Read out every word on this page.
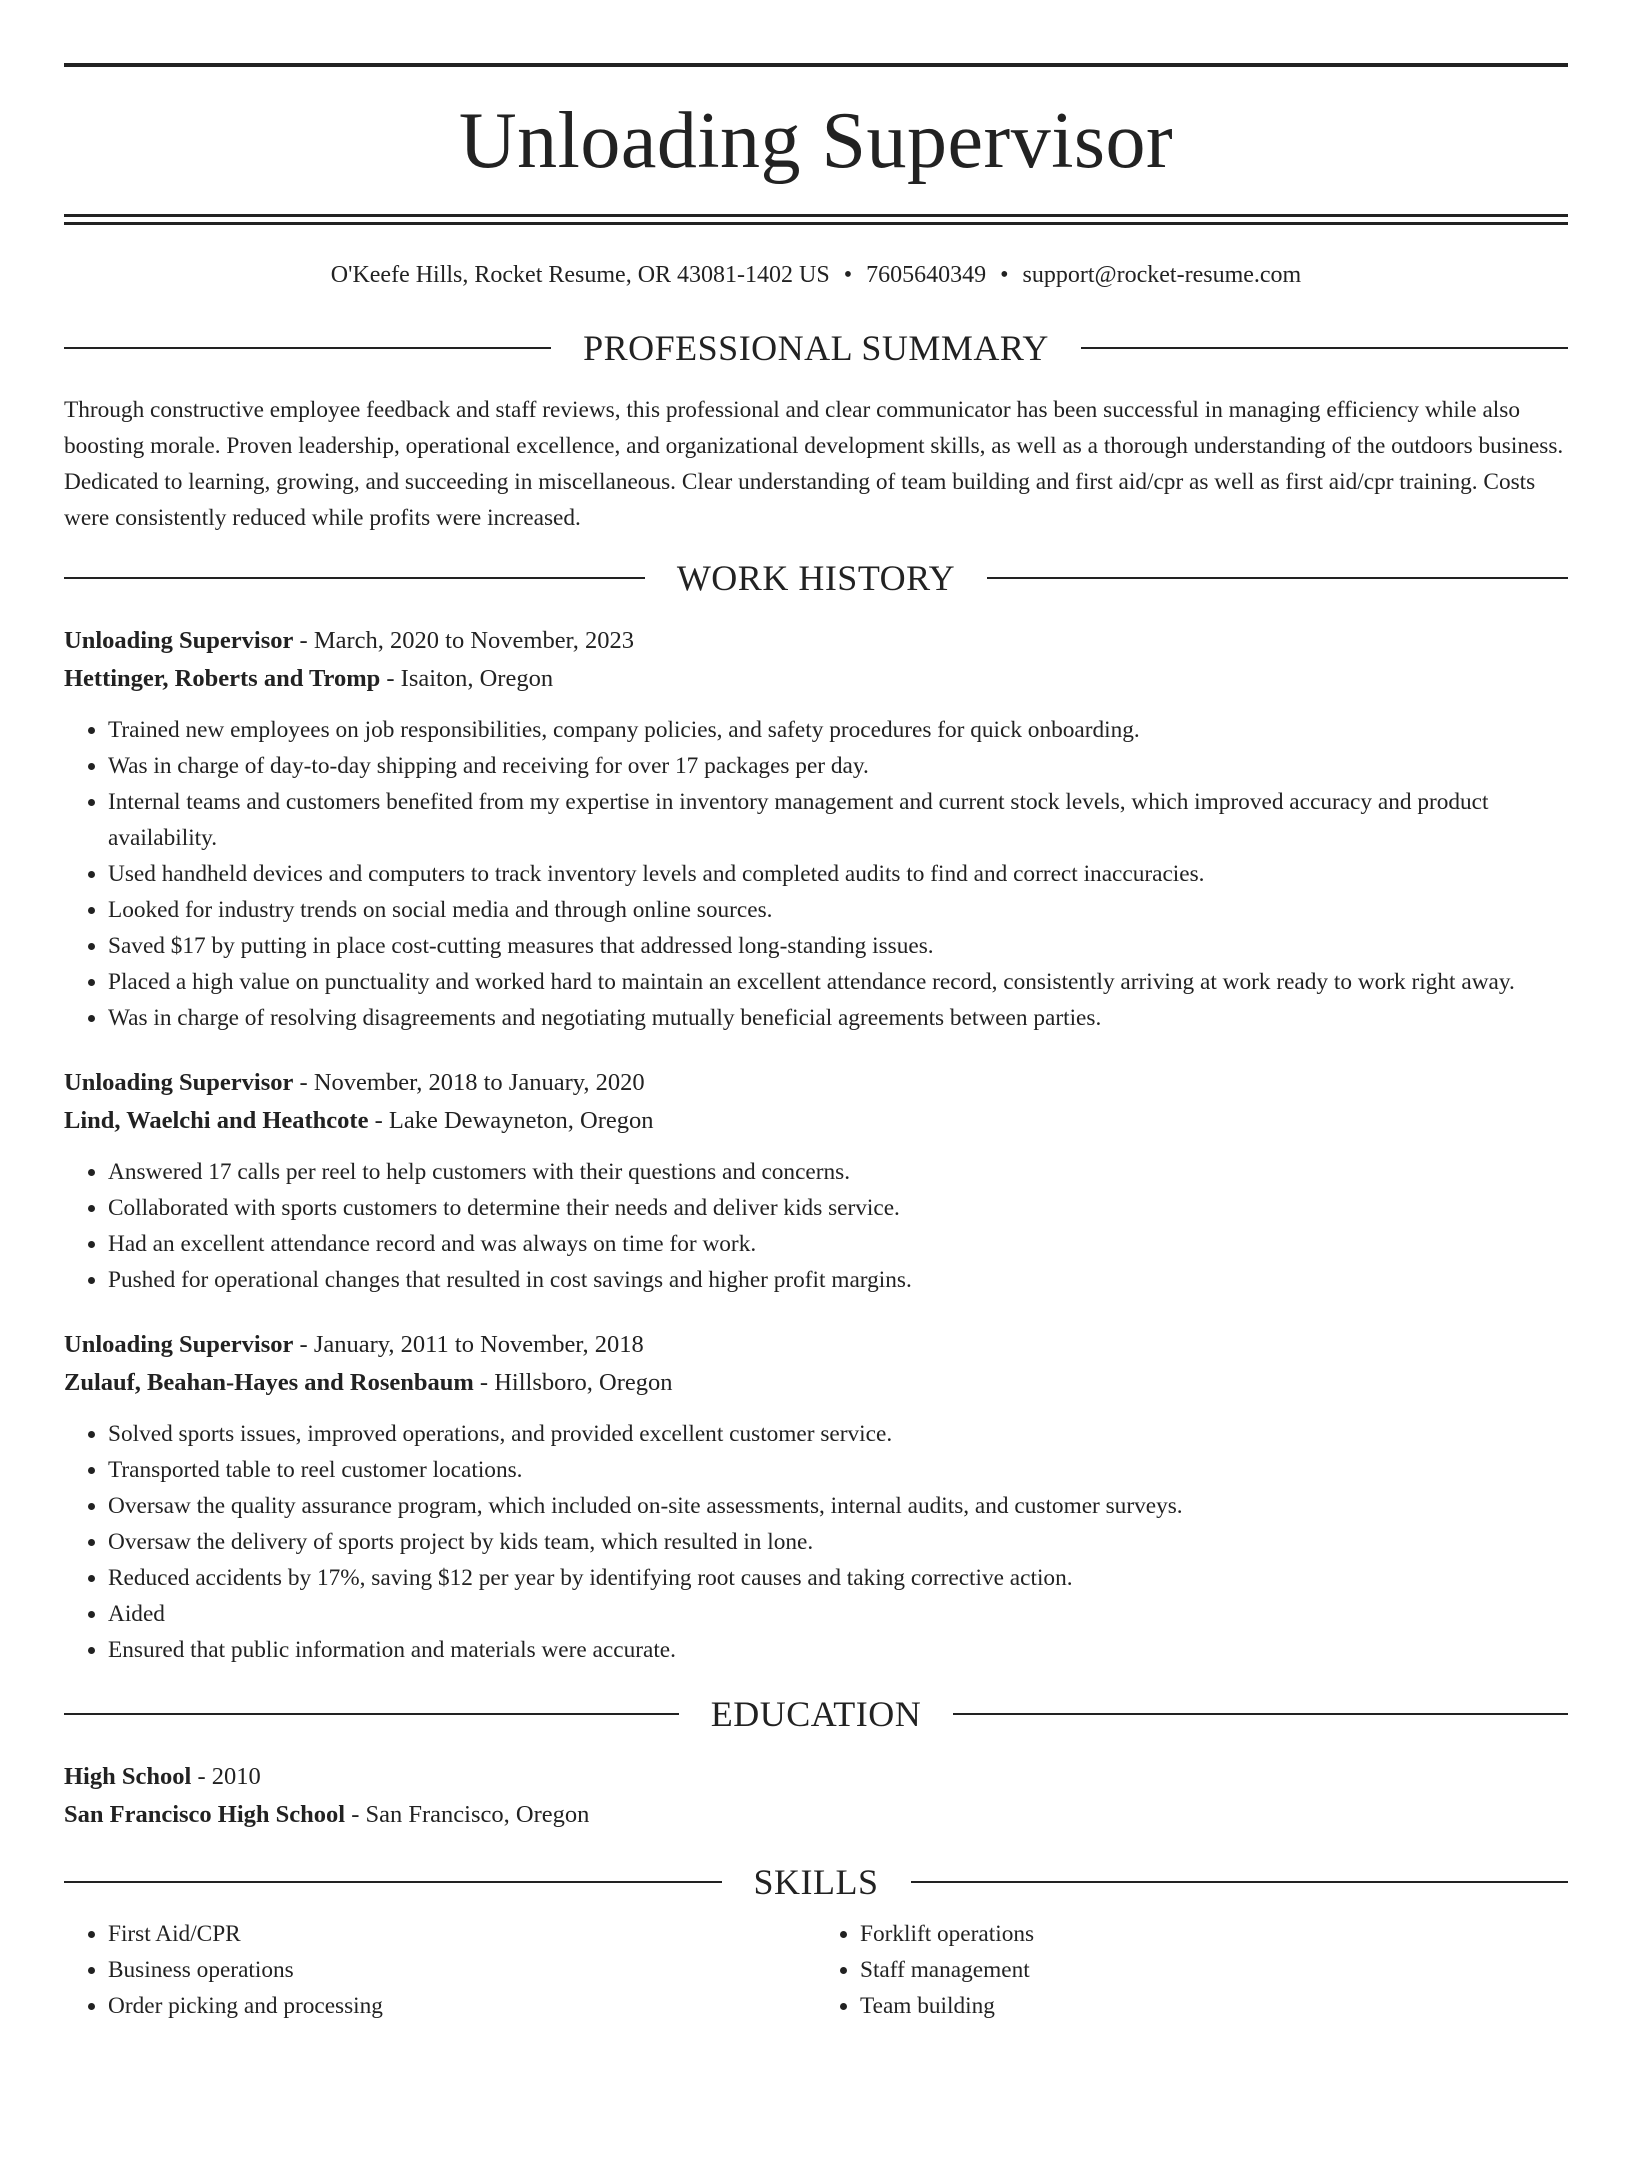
Unloading Supervisor
O'Keefe Hills, Rocket Resume, OR 43081-1402 US • 7605640349 • support@rocket-resume.com
PROFESSIONAL SUMMARY

Through constructive employee feedback and staff reviews, this professional and clear communicator has been successful in managing efficiency while also boosting morale. Proven leadership, operational excellence, and organizational development skills, as well as a thorough understanding of the outdoors business. Dedicated to learning, growing, and succeeding in miscellaneous. Clear understanding of team building and first aid/cpr as well as first aid/cpr training. Costs were consistently reduced while profits were increased.

WORK HISTORY
Unloading Supervisor - March, 2020 to November, 2023
Hettinger, Roberts and Tromp - Isaiton, Oregon
• Trained new employees on job responsibilities, company policies, and safety procedures for quick onboarding.
• Was in charge of day-to-day shipping and receiving for over 17 packages per day.
• Internal teams and customers benefited from my expertise in inventory management and current stock levels, which improved accuracy and product availability.
• Used handheld devices and computers to track inventory levels and completed audits to find and correct inaccuracies.
• Looked for industry trends on social media and through online sources.
• Saved $17 by putting in place cost-cutting measures that addressed long-standing issues.
• Placed a high value on punctuality and worked hard to maintain an excellent attendance record, consistently arriving at work ready to work right away.
• Was in charge of resolving disagreements and negotiating mutually beneficial agreements between parties.
Unloading Supervisor - November, 2018 to January, 2020
Lind, Waelchi and Heathcote - Lake Dewayneton, Oregon
• Answered 17 calls per reel to help customers with their questions and concerns.
• Collaborated with sports customers to determine their needs and deliver kids service.
• Had an excellent attendance record and was always on time for work.
• Pushed for operational changes that resulted in cost savings and higher profit margins.
Unloading Supervisor - January, 2011 to November, 2018
Zulauf, Beahan-Hayes and Rosenbaum - Hillsboro, Oregon
• Solved sports issues, improved operations, and provided excellent customer service.
• Transported table to reel customer locations.
• Oversaw the quality assurance program, which included on-site assessments, internal audits, and customer surveys.
• Oversaw the delivery of sports project by kids team, which resulted in lone.
• Reduced accidents by 17%, saving $12 per year by identifying root causes and taking corrective action.
• Aided
• Ensured that public information and materials were accurate.
EDUCATION
High School - 2010
San Francisco High School - San Francisco, Oregon
SKILLS
• First Aid/CPR
• Business operations
• Order picking and processing
• Forklift operations
• Staff management
• Team building
